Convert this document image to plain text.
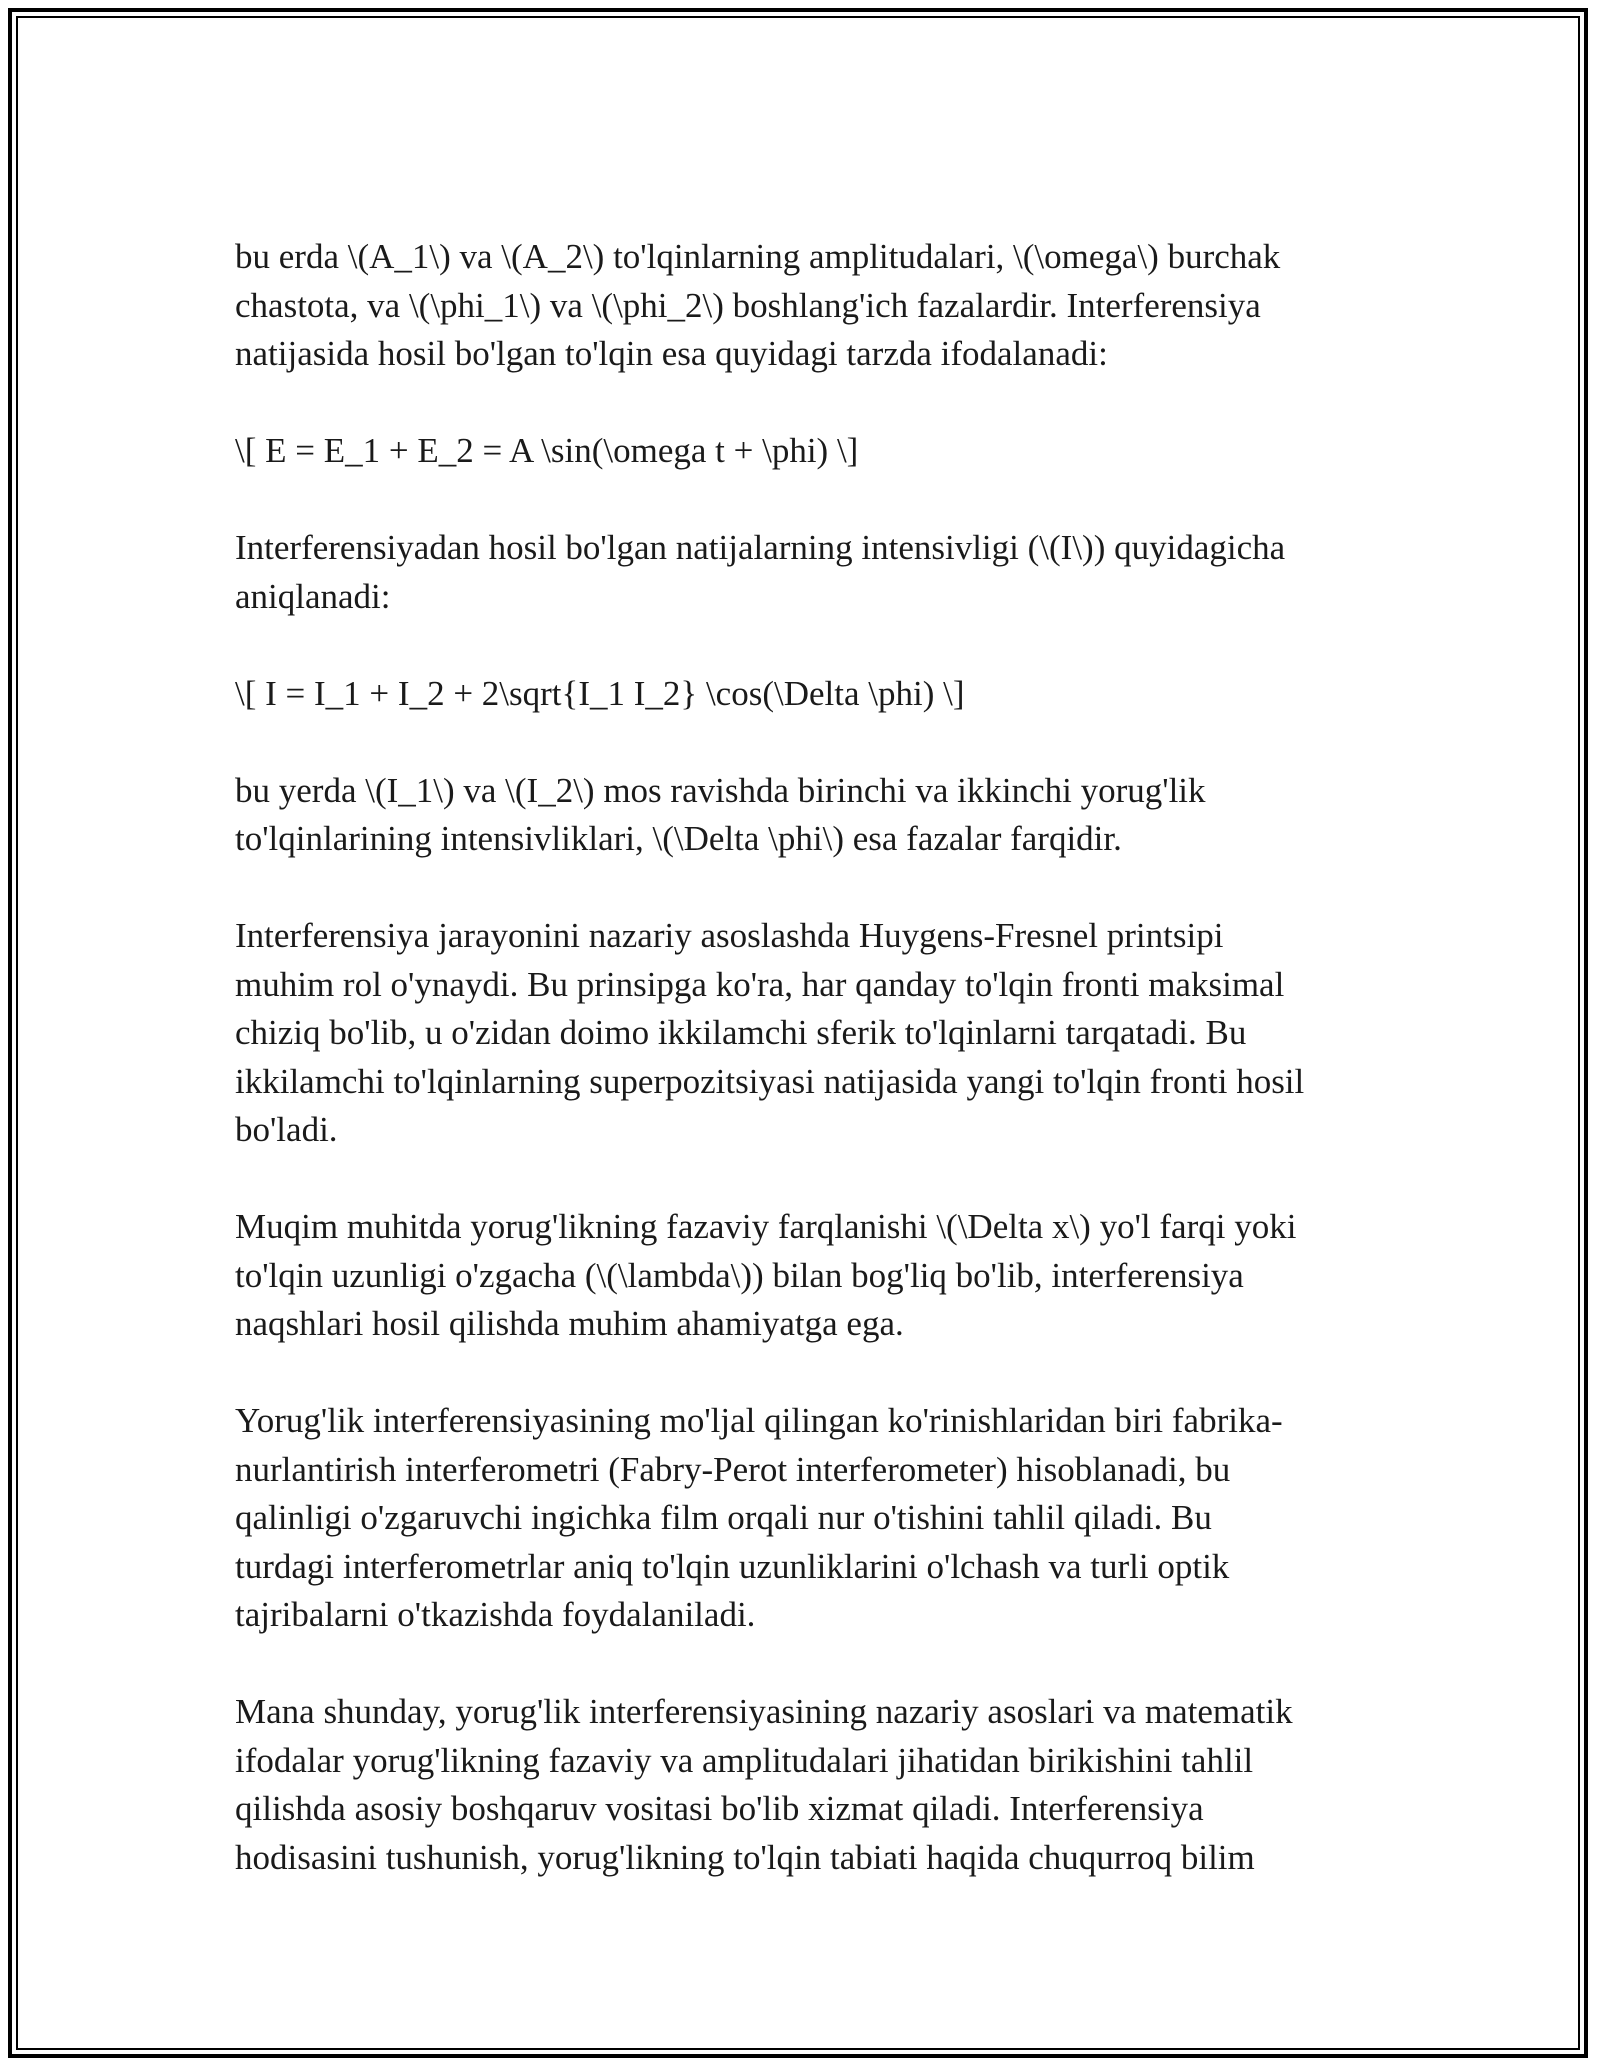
bu erda \(A_1\) va \(A_2\) to'lqinlarning amplitudalari, \(\omega\) burchak
chastota, va \(\phi_1\) va \(\phi_2\) boshlang'ich fazalardir. Interferensiya
natijasida hosil bo'lgan to'lqin esa quyidagi tarzda ifodalanadi:

\[ E = E_1 + E_2 = A \sin(\omega t + \phi) \]

Interferensiyadan hosil bo'lgan natijalarning intensivligi (\(I\)) quyidagicha
aniqlanadi:

\[ I = I_1 + I_2 + 2\sqrt{I_1 I_2} \cos(\Delta \phi) \]

bu yerda \(I_1\) va \(I_2\) mos ravishda birinchi va ikkinchi yorug'lik
to'lqinlarining intensivliklari, \(\Delta \phi\) esa fazalar farqidir.

Interferensiya jarayonini nazariy asoslashda Huygens-Fresnel printsipi
muhim rol o'ynaydi. Bu prinsipga ko'ra, har qanday to'lqin fronti maksimal
chiziq bo'lib, u o'zidan doimo ikkilamchi sferik to'lqinlarni tarqatadi. Bu
ikkilamchi to'lqinlarning superpozitsiyasi natijasida yangi to'lqin fronti hosil
bo'ladi.

Muqim muhitda yorug'likning fazaviy farqlanishi \(\Delta x\) yo'l farqi yoki
to'lqin uzunligi o'zgacha (\(\lambda\)) bilan bog'liq bo'lib, interferensiya
naqshlari hosil qilishda muhim ahamiyatga ega.

Yorug'lik interferensiyasining mo'ljal qilingan ko'rinishlaridan biri fabrika-
nurlantirish interferometri (Fabry-Perot interferometer) hisoblanadi, bu
qalinligi o'zgaruvchi ingichka film orqali nur o'tishini tahlil qiladi. Bu
turdagi interferometrlar aniq to'lqin uzunliklarini o'lchash va turli optik
tajribalarni o'tkazishda foydalaniladi.

Mana shunday, yorug'lik interferensiyasining nazariy asoslari va matematik
ifodalar yorug'likning fazaviy va amplitudalari jihatidan birikishini tahlil
qilishda asosiy boshqaruv vositasi bo'lib xizmat qiladi. Interferensiya
hodisasini tushunish, yorug'likning to'lqin tabiati haqida chuqurroq bilim
